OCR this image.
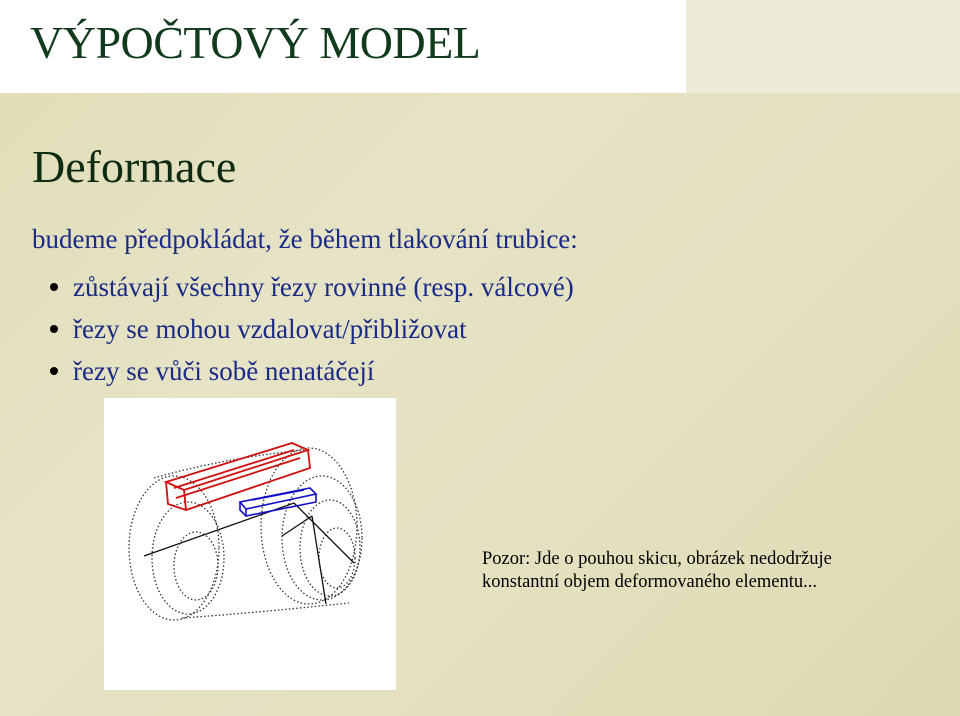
VÝPOČTOVÝ MODEL
Deformace

budeme předpokládat, že během tlakování trubice:

zůstávají všechny řezy rovinné (resp. válcové)
řezy se mohou vzdalovat/přibližovat
řezy se vůči sobě nenatáčejí

Pozor: Jde o pouhou skicu, obrázek nedodržuje
konstantní objem deformovaného elementu...
